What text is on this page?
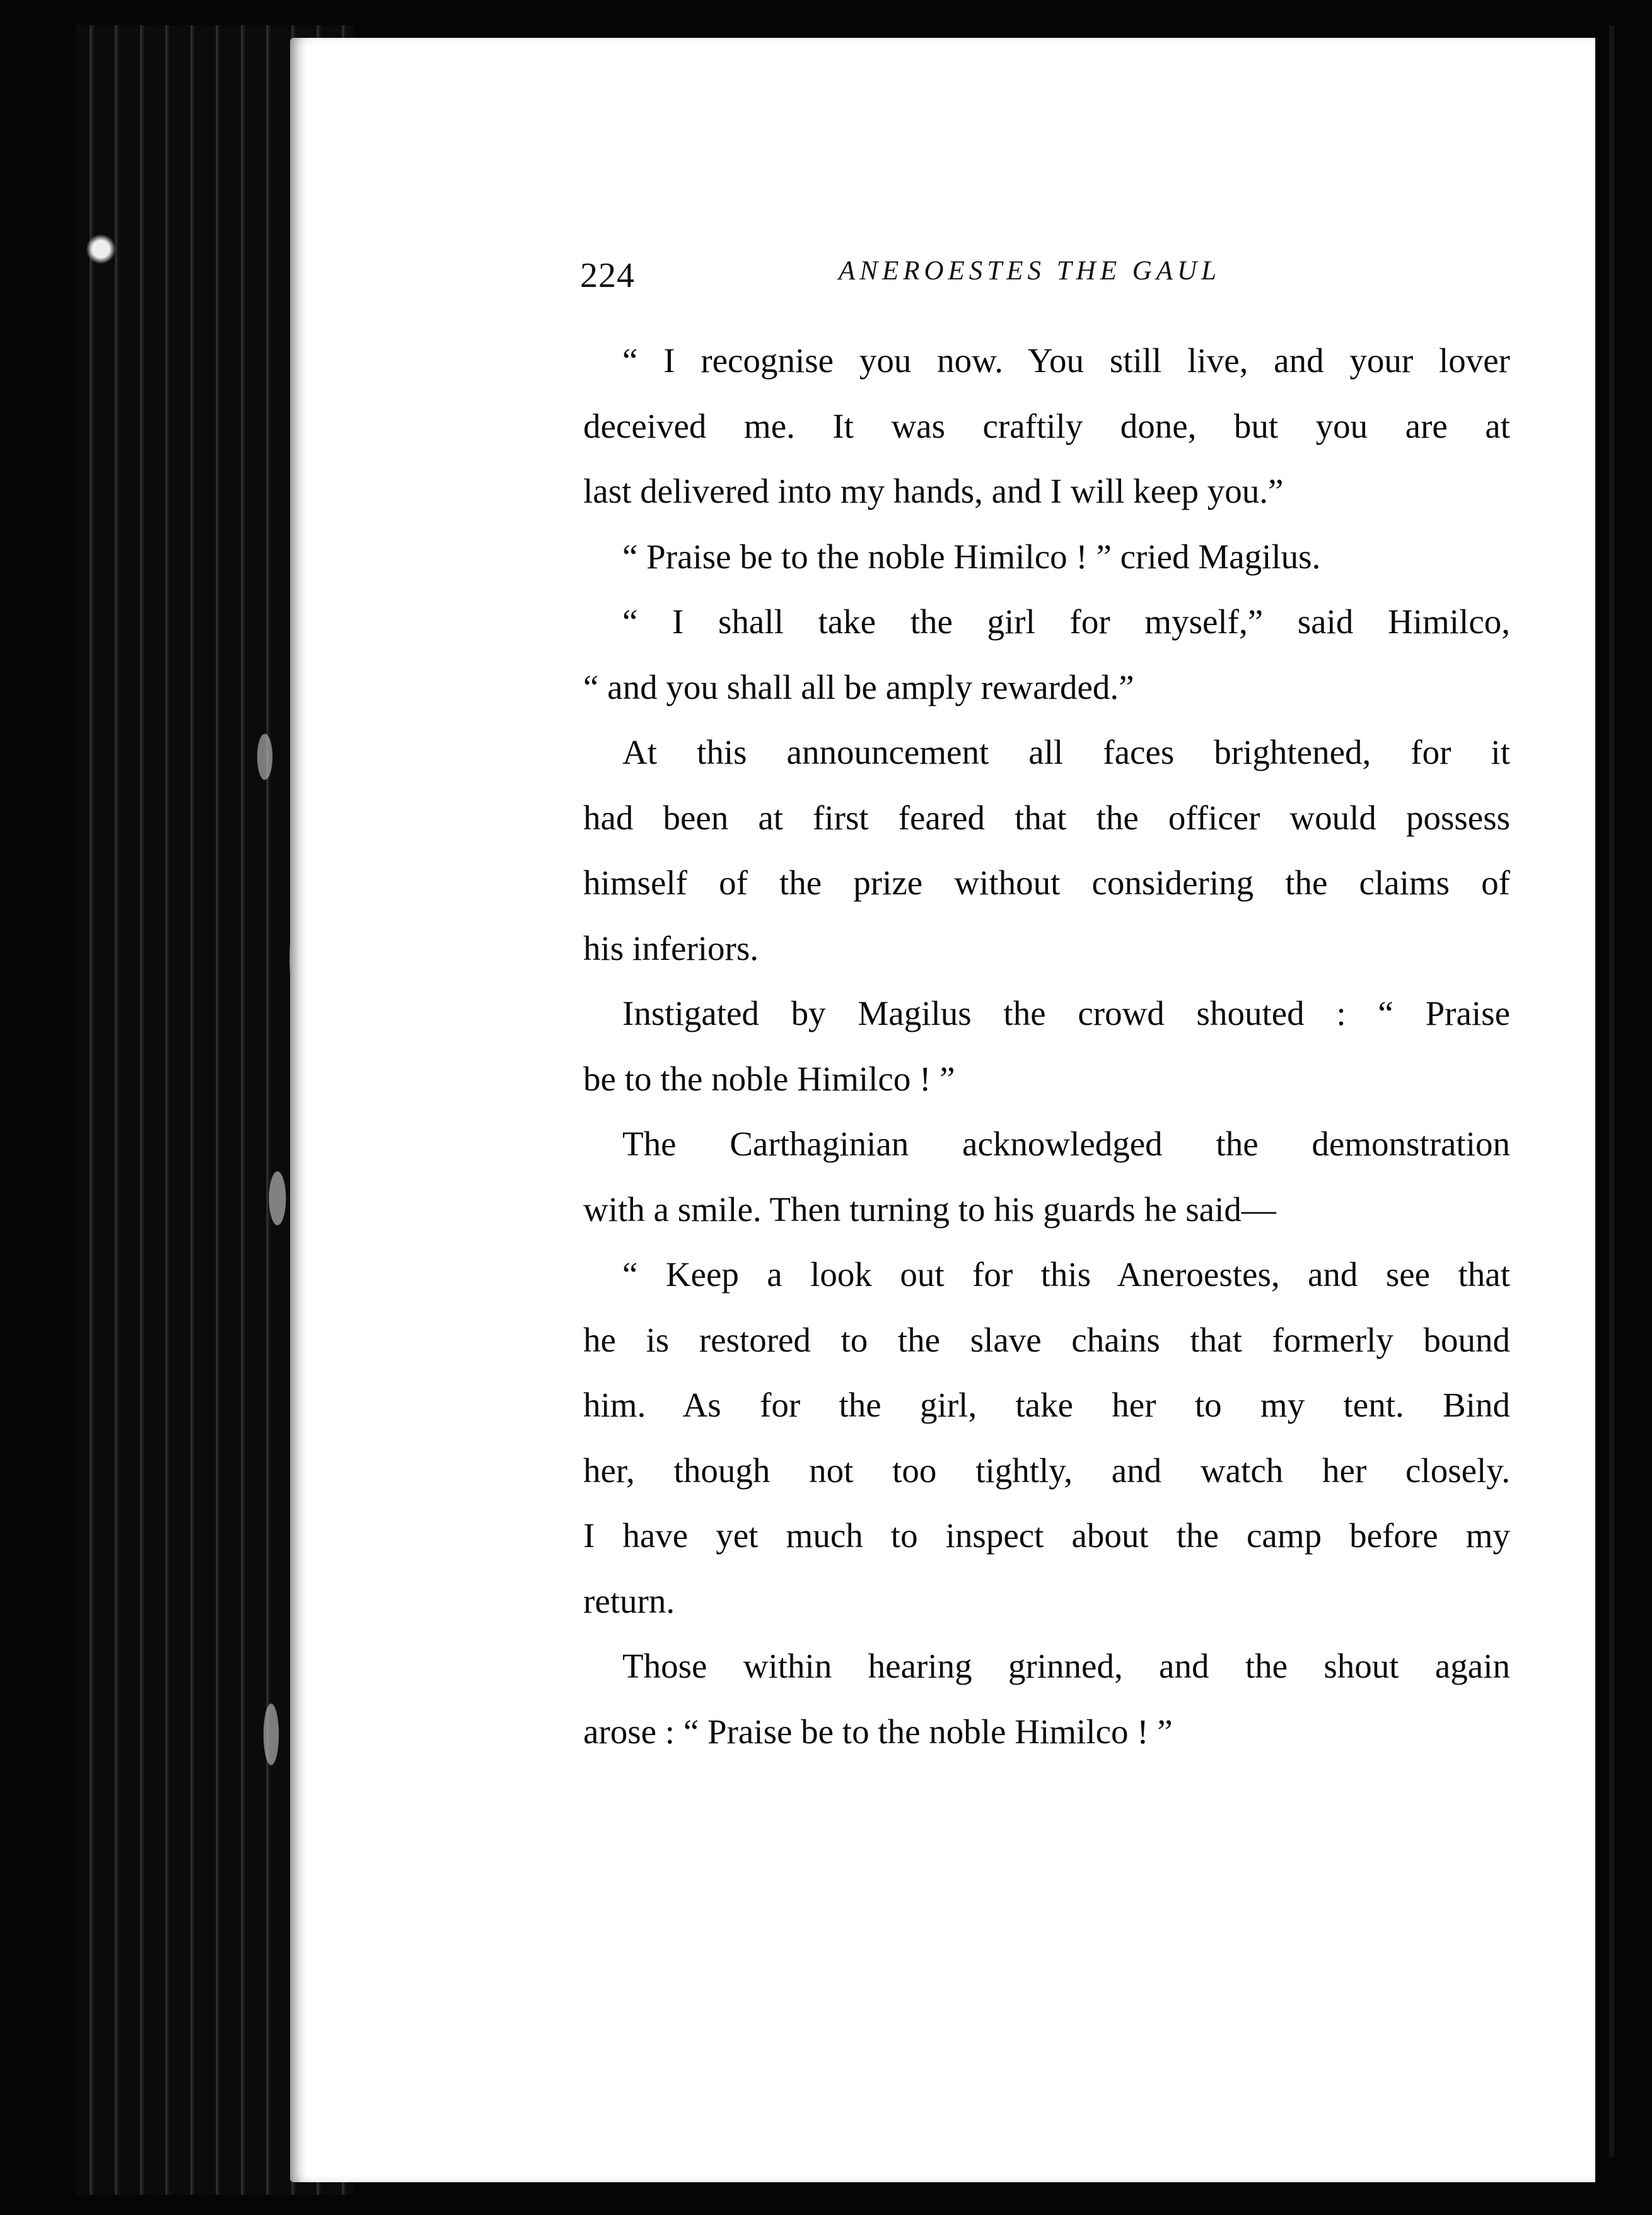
224	ANEROESTES THE GAUL
“ I recognise you now. You still live, and your lover
deceived me. It was craftily done, but you are at
last delivered into my hands, and I will keep you.”
“ Praise be to the noble Himilco ! ” cried Magilus.
“ I shall take the girl for myself,” said Himilco,
“ and you shall all be amply rewarded.”
At this announcement all faces brightened, for it
had been at first feared that the officer would possess
himself of the prize without considering the claims of
his inferiors.
Instigated by Magilus the crowd shouted : “ Praise
be to the noble Himilco ! ”
The Carthaginian acknowledged the demonstration
with a smile. Then turning to his guards he said—
“ Keep a look out for this Aneroestes, and see that
he is restored to the slave chains that formerly bound
him. As for the girl, take her to my tent. Bind
her, though not too tightly, and watch her closely.
I have yet much to inspect about the camp before my
return.
Those within hearing grinned, and the shout again
arose : “ Praise be to the noble Himilco ! ”
